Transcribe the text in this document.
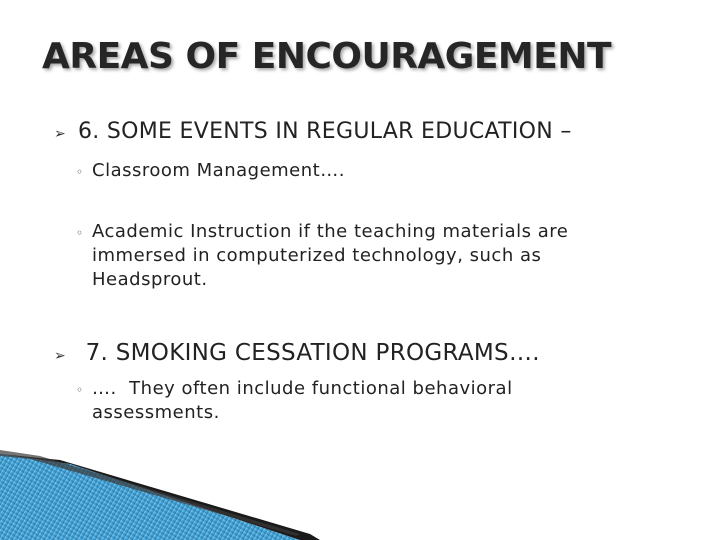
AREAS OF ENCOURAGEMENT
➢ 6. SOME EVENTS IN REGULAR EDUCATION –
◦ Classroom Management….
◦ Academic Instruction if the teaching materials are immersed in computerized technology, such as Headsprout.
➢ 7. SMOKING CESSATION PROGRAMS….
◦ ….  They often include functional behavioral assessments.
